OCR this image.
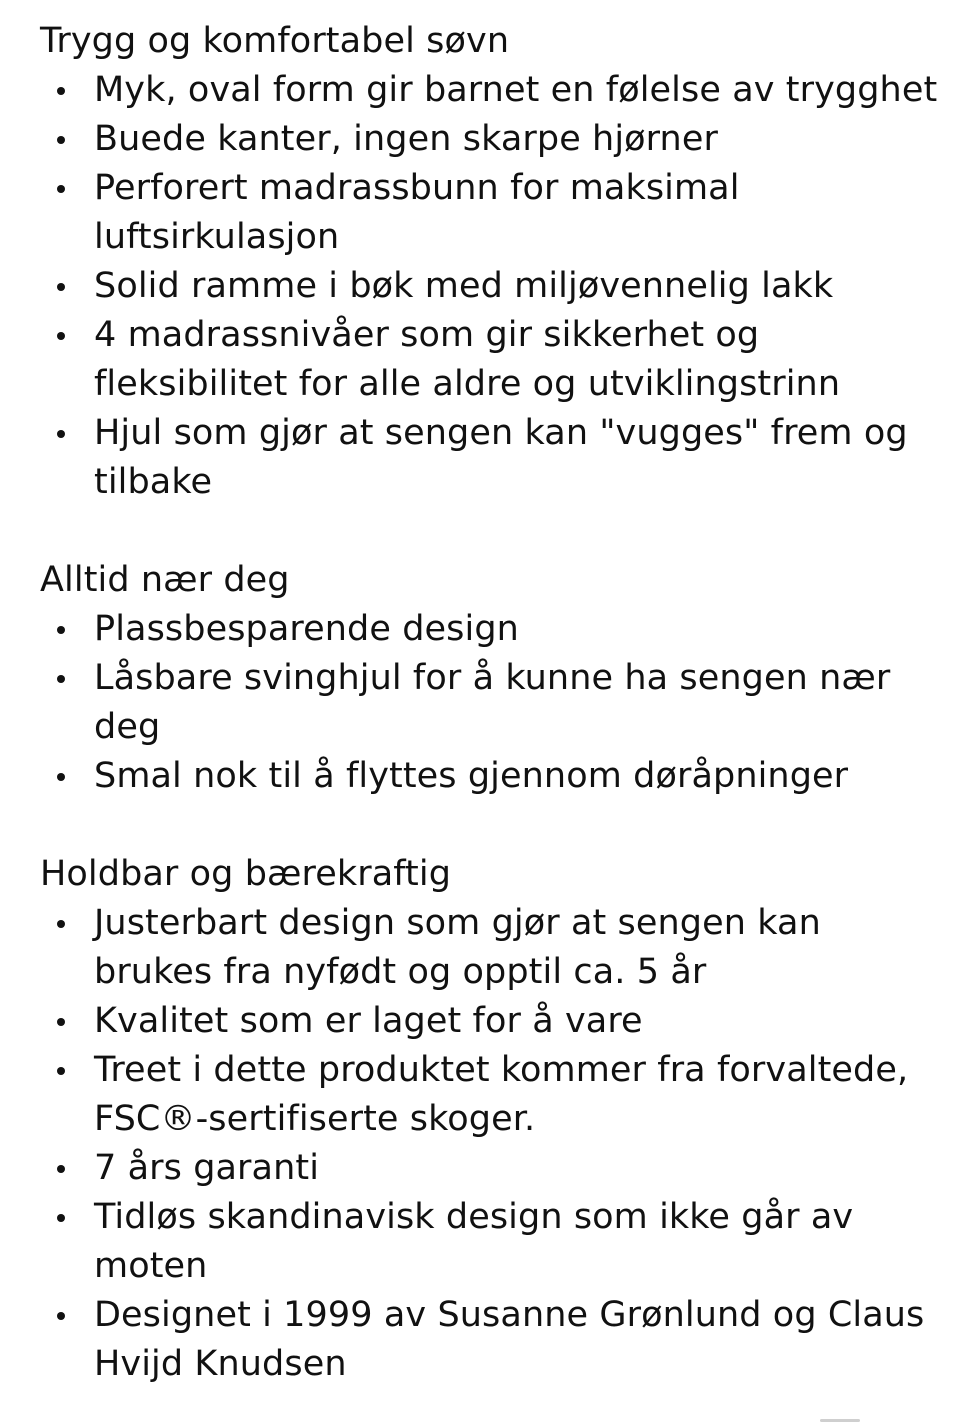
Trygg og komfortabel søvn
Myk, oval form gir barnet en følelse av trygghet
Buede kanter, ingen skarpe hjørner
Perforert madrassbunn for maksimal luftsirkulasjon
Solid ramme i bøk med miljøvennelig lakk
4 madrassnivåer som gir sikkerhet og fleksibilitet for alle aldre og utviklingstrinn
Hjul som gjør at sengen kan "vugges" frem og tilbake
Alltid nær deg
Plassbesparende design
Låsbare svinghjul for å kunne ha sengen nær deg
Smal nok til å flyttes gjennom døråpninger
Holdbar og bærekraftig
Justerbart design som gjør at sengen kan brukes fra nyfødt og opptil ca. 5 år
Kvalitet som er laget for å vare
Treet i dette produktet kommer fra forvaltede, FSC®-sertifiserte skoger.
7 års garanti
Tidløs skandinavisk design som ikke går av moten
Designet i 1999 av Susanne Grønlund og Claus Hvijd Knudsen
